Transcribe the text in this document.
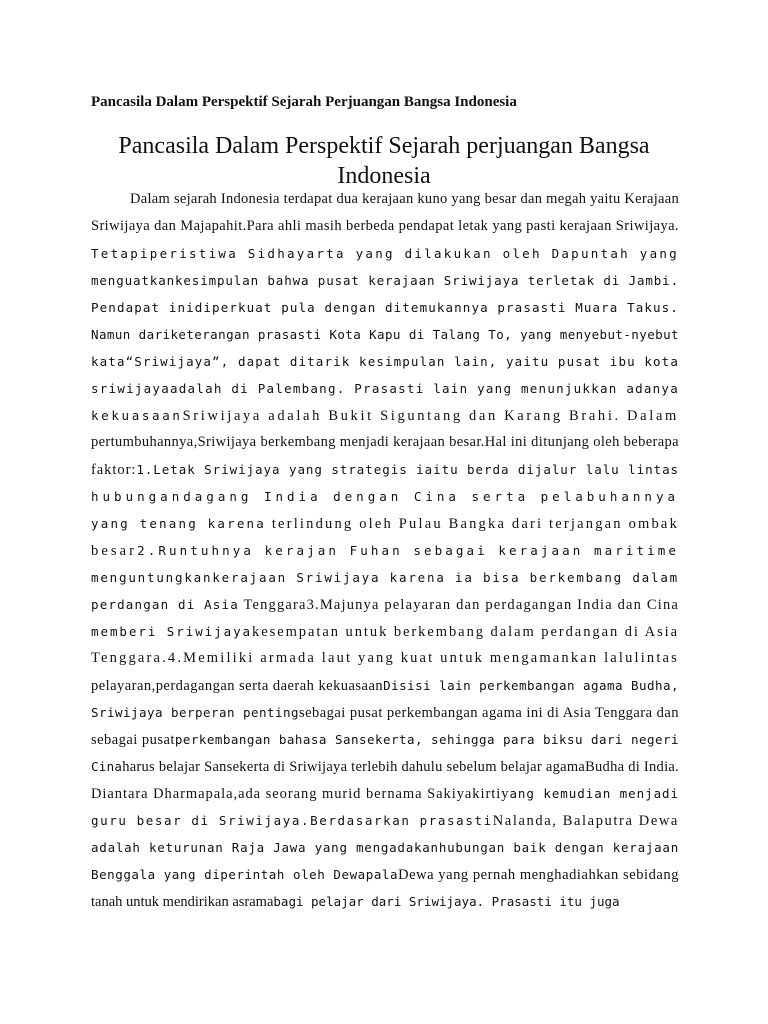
Pancasila Dalam Perspektif Sejarah Perjuangan Bangsa Indonesia
Pancasila Dalam Perspektif Sejarah perjuangan Bangsa Indonesia
Dalam sejarah Indonesia terdapat dua kerajaan kuno yang besar dan megah yaitu Kerajaan
Sriwijaya dan Majapahit.Para ahli masih berbeda pendapat letak yang pasti kerajaan Sriwijaya.
Tetapiperistiwa Sidhayarta yang dilakukan oleh Dapuntah yang
menguatkankesimpulan bahwa pusat kerajaan Sriwijaya terletak di Jambi.
Pendapat inidiperkuat pula dengan ditemukannya prasasti Muara Takus.
Namun dariketerangan prasasti Kota Kapu di Talang To, yang menyebut-nyebut
kata“Sriwijaya”, dapat ditarik kesimpulan lain, yaitu pusat ibu kota
sriwijayaadalah di Palembang. Prasasti lain yang menunjukkan adanya
kekuasaanSriwijaya adalah Bukit Siguntang dan Karang Brahi. Dalam
pertumbuhannya,Sriwijaya berkembang menjadi kerajaan besar.Hal ini ditunjang oleh beberapa
faktor:1.Letak Sriwijaya yang strategis iaitu berda dijalur lalu lintas
hubungandagang India dengan Cina serta pelabuhannya
yang tenang karena terlindung oleh Pulau Bangka dari terjangan ombak
besar2.Runtuhnya kerajan Fuhan sebagai kerajaan maritime
menguntungkankerajaan Sriwijaya karena ia bisa berkembang dalam
perdangan di Asia Tenggara3.Majunya pelayaran dan perdagangan India dan Cina
memberi Sriwijayakesempatan untuk berkembang dalam perdangan di Asia
Tenggara.4.Memiliki armada laut yang kuat untuk mengamankan lalulintas
pelayaran,perdagangan serta daerah kekuasaanDisisi lain perkembangan agama Budha,
Sriwijaya berperan pentingsebagai pusat perkembangan agama ini di Asia Tenggara dan
sebagai pusatperkembangan bahasa Sansekerta, sehingga para biksu dari negeri
Cinaharus belajar Sansekerta di Sriwijaya terlebih dahulu sebelum belajar agamaBudha di India.
Diantara Dharmapala,ada seorang murid bernama Sakiyakirtiyang kemudian menjadi
guru besar di Sriwijaya.Berdasarkan prasastiNalanda, Balaputra Dewa
adalah keturunan Raja Jawa yang mengadakanhubungan baik dengan kerajaan
Benggala yang diperintah oleh DewapalaDewa yang pernah menghadiahkan sebidang
tanah untuk mendirikan asramabagi pelajar dari Sriwijaya. Prasasti itu juga
